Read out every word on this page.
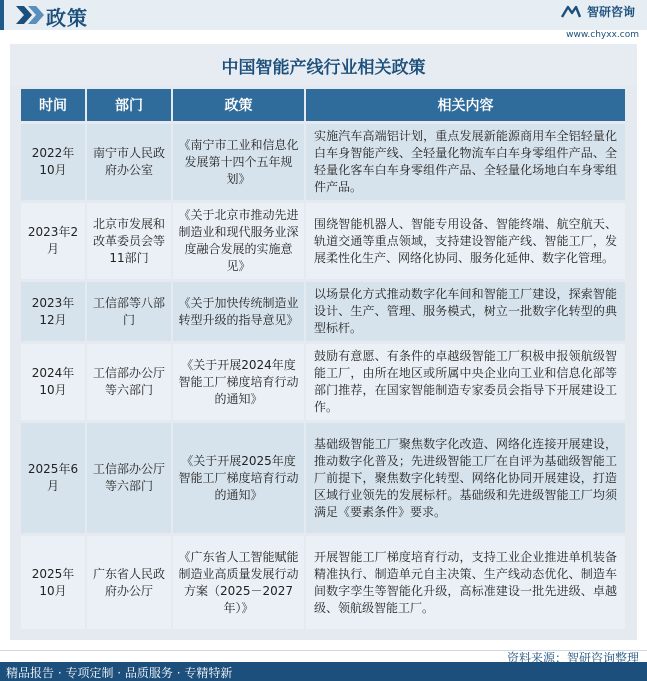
政策	智研咨询
www.chyxx.com
中国智能产线行业相关政策
时间	部门	政策	相关内容
2022年10月	南宁市人民政府办公室	《南宁市工业和信息化发展第十四个五年规划》	实施汽车高端铝计划，重点发展新能源商用车全铝轻量化白车身智能产线、全轻量化物流车白车身零组件产品、全轻量化客车白车身零组件产品、全轻量化场地白车身零组件产品。
2023年2月	北京市发展和改革委员会等11部门	《关于北京市推动先进制造业和现代服务业深度融合发展的实施意见》	围绕智能机器人、智能专用设备、智能终端、航空航天、轨道交通等重点领域，支持建设智能产线、智能工厂，发展柔性化生产、网络化协同、服务化延伸、数字化管理。
2023年12月	工信部等八部门	《关于加快传统制造业转型升级的指导意见》	以场景化方式推动数字化车间和智能工厂建设，探索智能设计、生产、管理、服务模式，树立一批数字化转型的典型标杆。
2024年10月	工信部办公厅等六部门	《关于开展2024年度智能工厂梯度培育行动的通知》	鼓励有意愿、有条件的卓越级智能工厂积极申报领航级智能工厂，由所在地区或所属中央企业向工业和信息化部等部门推荐，在国家智能制造专家委员会指导下开展建设工作。
2025年6月	工信部办公厅等六部门	《关于开展2025年度智能工厂梯度培育行动的通知》	基础级智能工厂聚焦数字化改造、网络化连接开展建设，推动数字化普及；先进级智能工厂在自评为基础级智能工厂前提下，聚焦数字化转型、网络化协同开展建设，打造区域行业领先的发展标杆。基础级和先进级智能工厂均须满足《要素条件》要求。
2025年10月	广东省人民政府办公厅	《广东省人工智能赋能制造业高质量发展行动方案（2025－2027年）》	开展智能工厂梯度培育行动，支持工业企业推进单机装备精准执行、制造单元自主决策、生产线动态优化、制造车间数字孪生等智能化升级，高标准建设一批先进级、卓越级、领航级智能工厂。
精品报告 · 专项定制 · 品质服务 · 专精特新
资料来源：智研咨询整理
